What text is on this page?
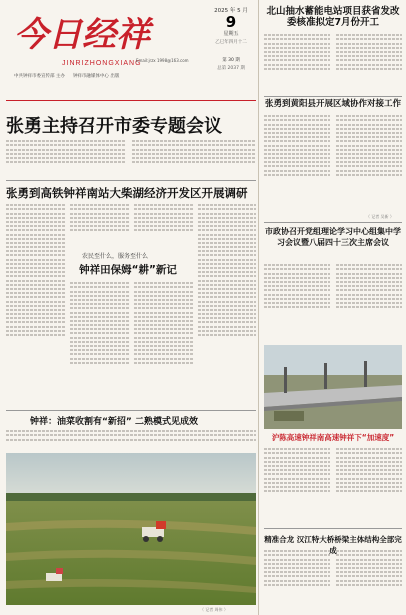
今日经祥
JINRIZHONGXIANG
中共钟祥市委宣传部 主办 钟祥市融媒体中心 出版
Email:jrzx 1998@163.com
2025 年 5 月
9
星期五
乙巳年四月十二
第 30 期
总第 2037 期
张勇主持召开市委专题会议
张勇到高铁钟祥南站大柴湖经济开发区开展调研
农民至什么，服务至什么
钟祥田保姆“耕”新记
钟祥：油菜收割有“新招” 二熟模式见成效
（ 记者 周伟 ）
北山抽水蓄能电站项目获省发改委核准拟定7月份开工
张勇到黄阳县开展区域协作对接工作
（ 记者 吴新 ）
市政协召开党组理论学习中心组集中学习会议暨八届四十三次主席会议
沪陈高速钟祥南高速钟祥下“加速度”
精准合龙 汉江特大桥桥梁主体结构全部完成
